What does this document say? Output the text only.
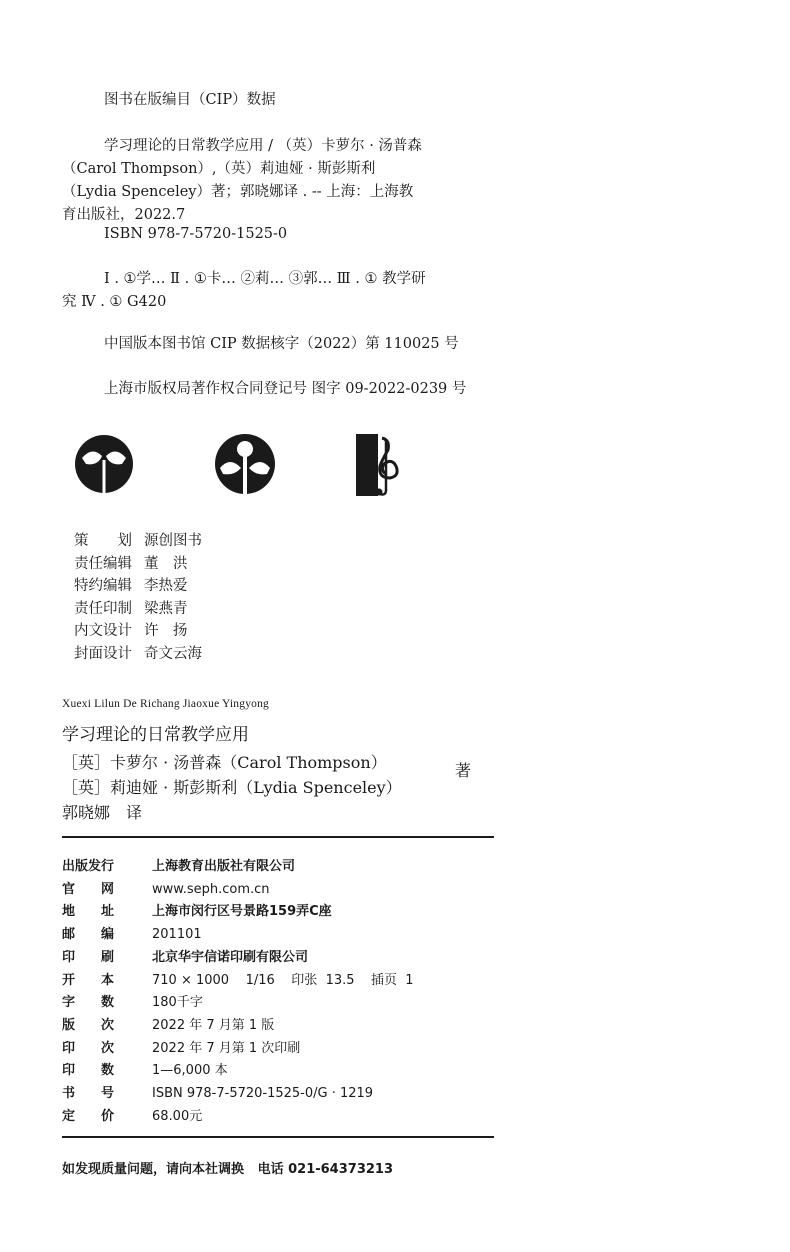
图书在版编目（CIP）数据
学习理论的日常教学应用 / （英）卡萝尔 · 汤普森
（Carol Thompson）,（英）莉迪娅 · 斯彭斯利
（Lydia Spenceley）著；郭晓娜译 . -- 上海：上海教
育出版社，2022.7
ISBN 978-7-5720-1525-0
Ⅰ . ①学… Ⅱ . ①卡… ②莉… ③郭… Ⅲ . ① 教学研
究 Ⅳ . ① G420
中国版本图书馆 CIP 数据核字（2022）第 110025 号
上海市版权局著作权合同登记号 图字 09-2022-0239 号
策　　划 源创图书
责任编辑 董　洪
特约编辑 李热爱
责任印制 梁燕青
内文设计 许　扬
封面设计 奇文云海
Xuexi Lilun De Richang Jiaoxue Yingyong
学习理论的日常教学应用
［英］卡萝尔 · 汤普森（Carol Thompson）
［英］莉迪娅 · 斯彭斯利（Lydia Spenceley）
著
郭晓娜　译
出版发行	上海教育出版社有限公司
官　　网	www.seph.com.cn
地　　址	上海市闵行区号景路159弄C座
邮　　编	201101
印　　刷	北京华宇信诺印刷有限公司
开　　本	710 × 1000    1/16    印张  13.5    插页  1
字　　数	180千字
版　　次	2022 年 7 月第 1 版
印　　次	2022 年 7 月第 1 次印刷
印　　数	1—6,000 本
书　　号	ISBN 978-7-5720-1525-0/G · 1219
定　　价	68.00元
如发现质量问题，请向本社调换   电话 021-64373213
